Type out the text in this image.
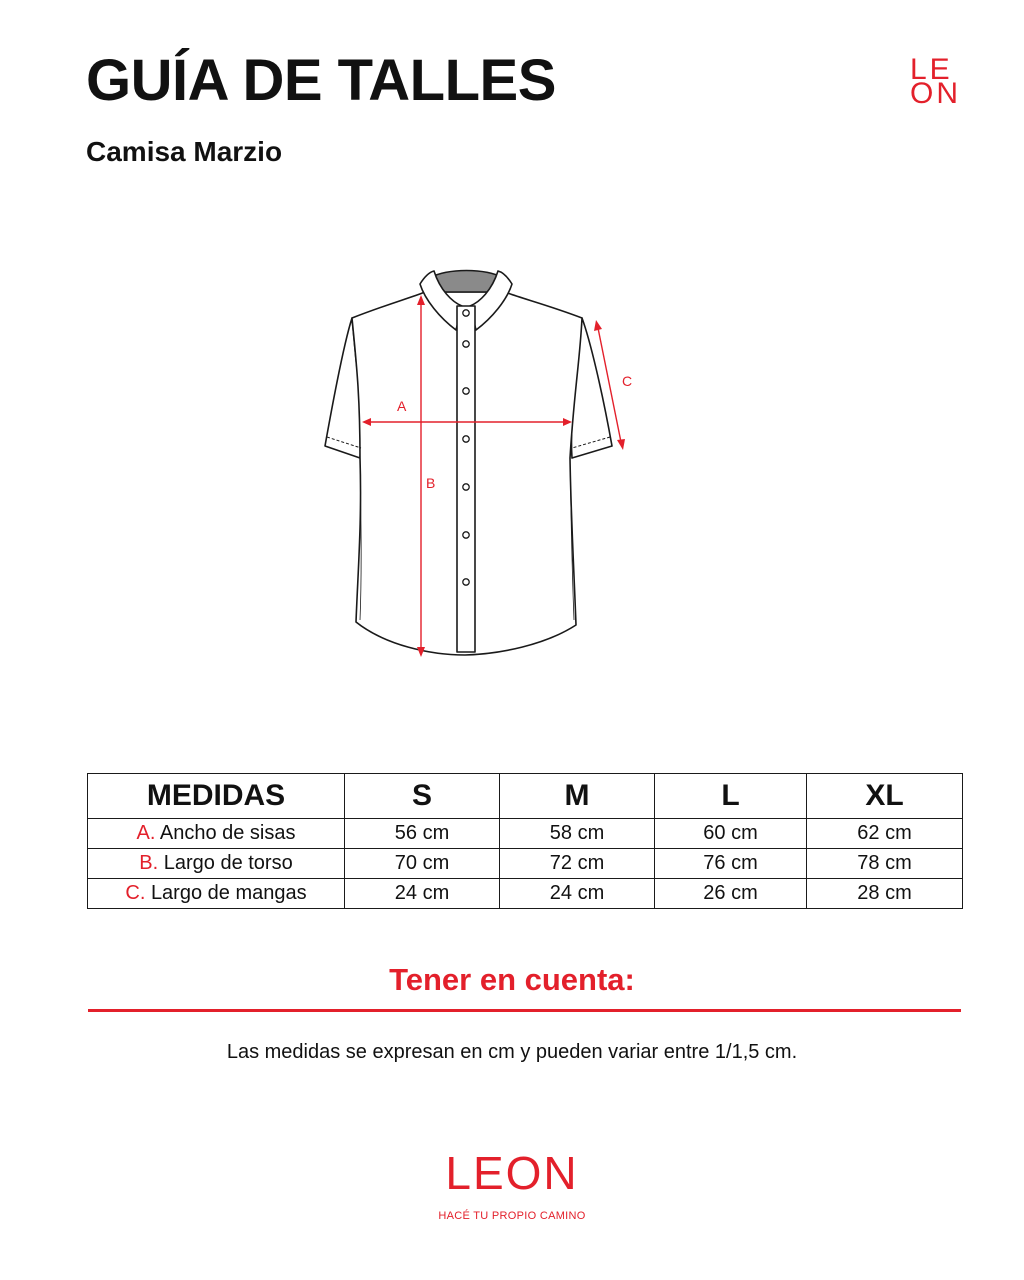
GUÍA DE TALLES
Camisa Marzio
LE
ON
A
B
C
MEDIDAS	S	M	L	XL
A. Ancho de sisas	56 cm	58 cm	60 cm	62 cm
B. Largo de torso	70 cm	72 cm	76 cm	78 cm
C. Largo de mangas	24 cm	24 cm	26 cm	28 cm
Tener en cuenta:
Las medidas se expresan en cm y pueden variar entre 1/1,5 cm.
LEON
HACÉ TU PROPIO CAMINO
